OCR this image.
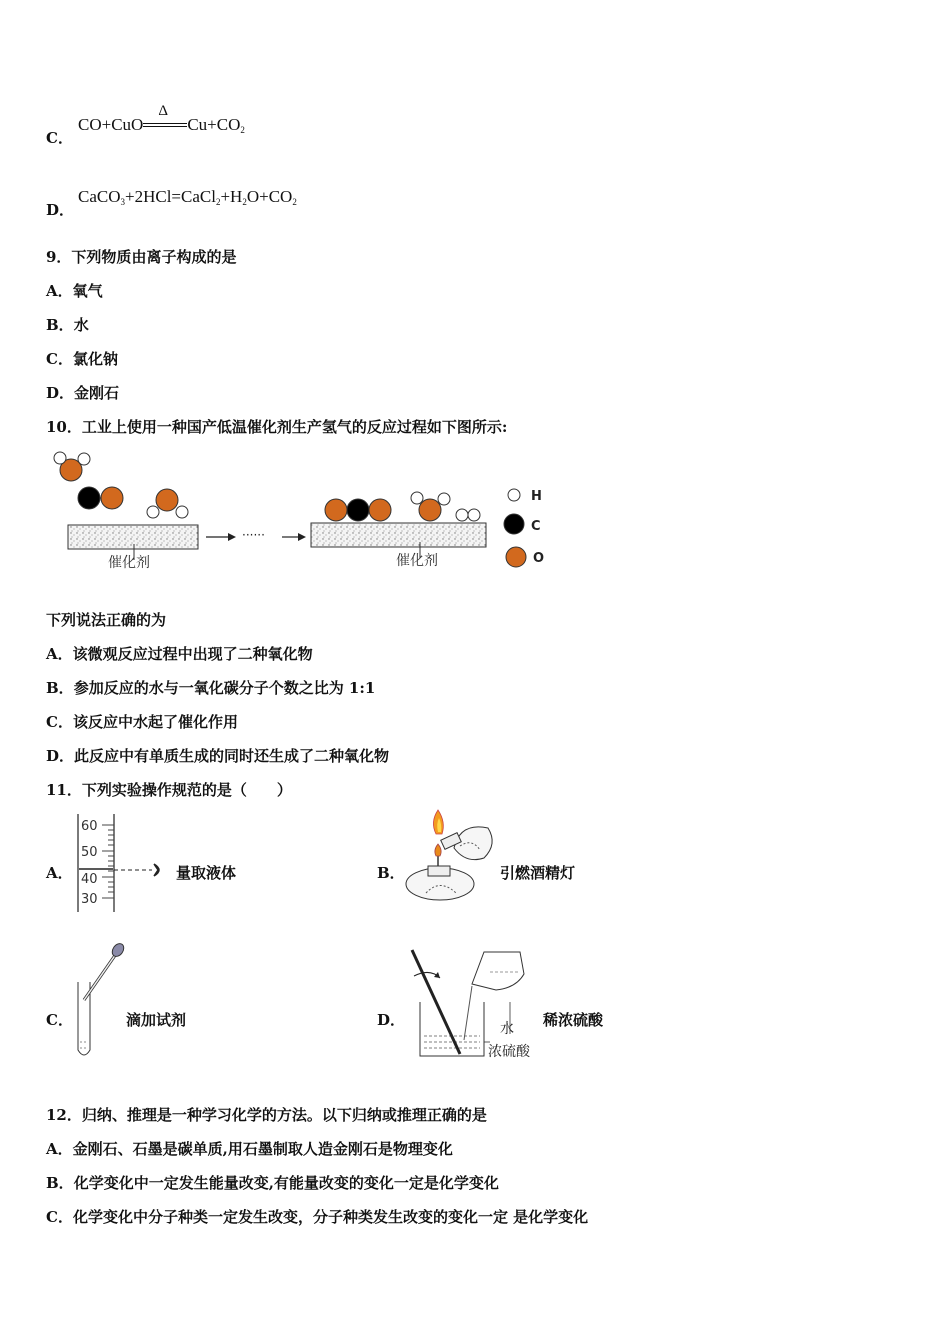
C．
CO+CuO
Δ
$Cu+CO_2$
D．
$CaCO_3+2HCl=CaCl_2+H_2O+CO_2$
9．下列物质由离子构成的是
A．氧气
B．水
C．氯化钠
D．金刚石
10．工业上使用一种国产低温催化剂生产氢气的反应过程如下图所示:
催化剂
······
催化剂
H
C
O
下列说法正确的为
A．该微观反应过程中出现了二种氧化物
B．参加反应的水与一氧化碳分子个数之比为 1:1
C．该反应中水起了催化作用
D．此反应中有单质生成的同时还生成了二种氧化物
11．下列实验操作规范的是（　　）
A．
60
50
40
30
量取液体	B．	引燃酒精灯
C．	滴加试剂	D．	水
浓硫酸
稀浓硫酸
12．归纳、推理是一种学习化学的方法。以下归纳或推理正确的是
A．金刚石、石墨是碳单质,用石墨制取人造金刚石是物理变化
B．化学变化中一定发生能量改变,有能量改变的变化一定是化学变化
C．化学变化中分子种类一定发生改变，分子种类发生改变的变化一定 是化学变化
